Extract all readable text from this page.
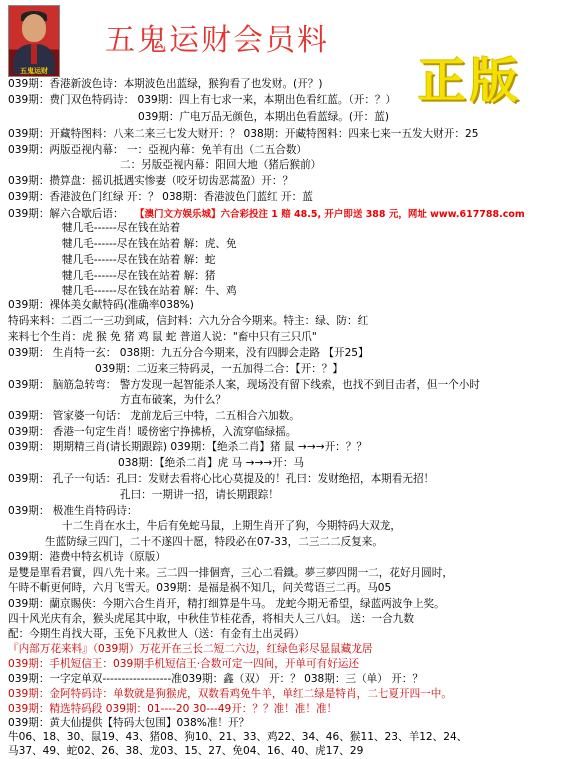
五鬼运财
五鬼运财会员料
正版
039期：香港新波色诗：本期波色出蓝绿，猴狗看了也发财。(开？)
039期：费门双色特码诗： 039期：四上有七求一来，本期出色看红蓝。（开：？）
039期：广电万品无颜色，本期出色看蓝绿。(开：蓝)
039期：开藏特图料：八来二来三七发大财开：？ 038期：开藏特图料：四来七来一五发大财开：25
039期：两版亞视内幕： 一：亞视内幕：免羊有出（二五合数）
二：另版亞视内幕：阳回大地（猪后猴前）
039期：攒算盘：摇讥抵遇实惨妻（咬牙切齿恶蒿盈）开：？
039期：香港波色门红绿 开：？ 038期：香港波色门蓝红 开：蓝
039期：解六合歇后语： 【澳门文方娱乐城】六合彩投注 1 赔 48.5, 开户即送 388 元，网址 www.617788.com
犍几毛------尽在钱在站着
犍几毛------尽在钱在站着 解：虎、免
犍几毛------尽在钱在站着 解：蛇
犍几毛------尽在钱在站着 解：猪
犍几毛------尽在钱在站着 解：牛、鸡
039期：裸体美女献特码(准确率038%)
特码来料：二酉二一三功到咸，信封料：六九分合今期来。特主：绿、防：红
来料七个生肖：虎 猴 免 猪 鸡 鼠 蛇 普道人说："畜中只有三只爪"
039期： 生肖特一玄： 038期：九五分合今期来，没有四脚会走路 【开25】
039期：二迈来三特码灵，一五加得二合：【开：？】
039期： 脑筋急转弯： 警方发现一起智能杀人案，现场没有留下线索，也找不到目击者，但一个小时
方直布破案，为什么？
039期： 管家婆一句话： 龙前龙后三中特，二五相合六加数。
039期： 香港一句定生肖！暖傍密宁挣拂桥，入流穿临绿摇。
039期： 期期精三肖(请长期跟踪) 039期：【绝杀二肖】猪 鼠 →→→开：？？
038期：【绝杀二肖】虎 马 →→→开：马
039期： 孔子一句话：孔曰：发财去看将心比心莫提及的！孔曰：发财绝招，本期看无招！
孔曰：一期讲一招，请长期跟踪！
039期： 极准生肖特码诗：
十二生肖在水土，牛后有免蛇马鼠，上期生肖开了狗，今期特码大双龙，
生蓝防绿三四门，二十不遂四十愿，特段必在07-33，二三二二反复来。
039期：港费中特玄机诗（原版）
是雙是單看君實，四八先十来。三二四一排個齊，三心二看鐵。夢三夢四開一二，花好月圆时，
午時不斬更何時，六月飞雪天。039期：是福是祸不知几，问关莺语三二再。马05
039期：蘭京賜侠：今期六合生肖开，精打细算是牛马。 龙蛇今期无希望，绿蓝两波争上奖。
四十风光庆有余，猴头虎尾其中取，中秋佳节桂花香，将相夫人三八妇。 送：一合九数
配：今期生肖找大哥，玉免下凡救世人（送：有金有土出灵码）
『内部万花来料』（039期）万花开在三长二短二六边，红绿色彩尽显鼠藏龙居
039期：手机短信王：039期手机短信王·合数可定一四间，开单可有好运还
039期：一字定单双------------------准039期：鑫（双） 开：？ 038期：三（单） 开：？
039期：金阿特码诗：单数就是狗猴虎，双数看鸡免牛羊，单红二绿是特肖，二七夏开四一中。
039期：精选特码段 039期：01----20 30---49开：？？准！准！准！
039期：黄大仙提供【特码大包围】038%准！开？
牛06、18、30、鼠19、43、猪08、狗10、21、33、鸡22、34、46、猴11、23、羊12、24、
马37、49、蛇02、26、38、龙03、15、27、免04、16、40、虎17、29
